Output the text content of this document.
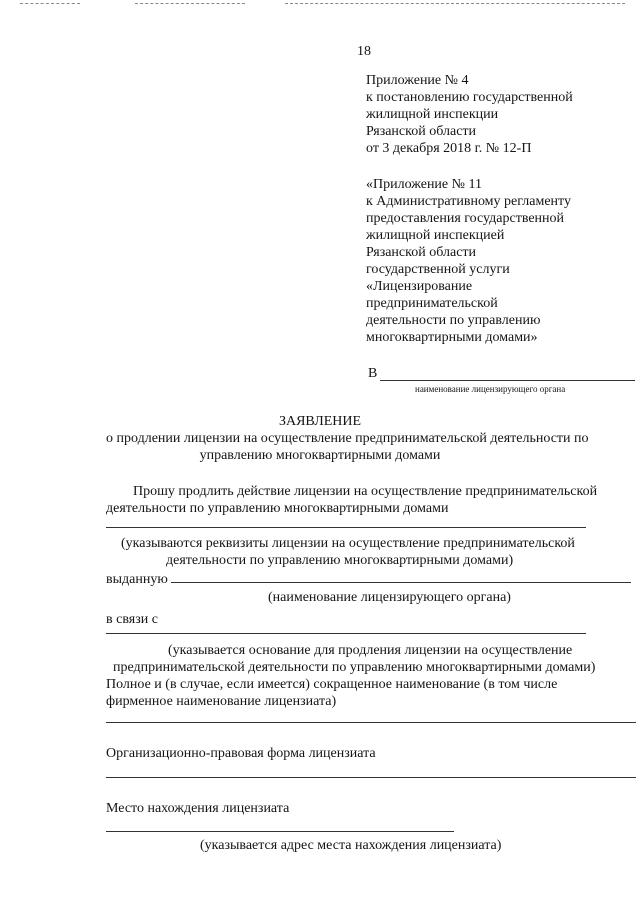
18
Приложение № 4
к постановлению государственной
жилищной инспекции
Рязанской области
от 3 декабря 2018 г. № 12-П
«Приложение № 11
к Административному регламенту
предоставления государственной
жилищной инспекцией
Рязанской области
государственной услуги
«Лицензирование
предпринимательской
деятельности по управлению
многоквартирными домами»
В
наименование лицензирующего органа
ЗАЯВЛЕНИЕ
о продлении лицензии на осуществление предпринимательской деятельности по
управлению многоквартирными домами
Прошу продлить действие лицензии на осуществление предпринимательской
деятельности по управлению многоквартирными домами
(указываются реквизиты лицензии на осуществление предпринимательской
деятельности по управлению многоквартирными домами)
выданную
(наименование лицензирующего органа)
в связи с
(указывается основание для продления лицензии на осуществление
предпринимательской деятельности по управлению многоквартирными домами)
Полное и (в случае, если имеется) сокращенное наименование (в том числе
фирменное наименование лицензиата)
Организационно-правовая форма лицензиата
Место нахождения лицензиата
(указывается адрес места нахождения лицензиата)
